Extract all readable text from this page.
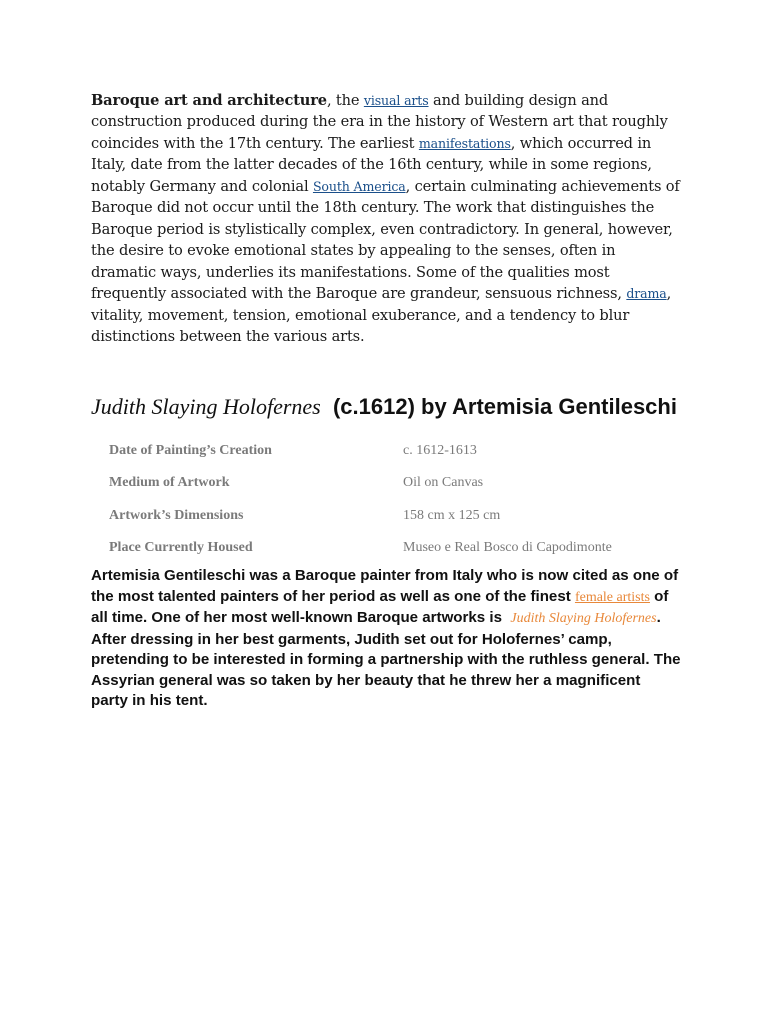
Baroque art and architecture, the visual arts and building design and construction produced during the era in the history of Western art that roughly coincides with the 17th century. The earliest manifestations, which occurred in Italy, date from the latter decades of the 16th century, while in some regions, notably Germany and colonial South America, certain culminating achievements of Baroque did not occur until the 18th century. The work that distinguishes the Baroque period is stylistically complex, even contradictory. In general, however, the desire to evoke emotional states by appealing to the senses, often in dramatic ways, underlies its manifestations. Some of the qualities most frequently associated with the Baroque are grandeur, sensuous richness, drama, vitality, movement, tension, emotional exuberance, and a tendency to blur distinctions between the various arts.

Judith Slaying Holofernes  (c.1612) by Artemisia Gentileschi
Date of Painting’s Creation	c. 1612-1613
Medium of Artwork	Oil on Canvas
Artwork’s Dimensions	158 cm x 125 cm
Place Currently Housed	Museo e Real Bosco di Capodimonte

Artemisia Gentileschi was a Baroque painter from Italy who is now cited as one of the most talented painters of her period as well as one of the finest female artists of all time. One of her most well-known Baroque artworks is  Judith Slaying Holofernes. After dressing in her best garments, Judith set out for Holofernes’ camp, pretending to be interested in forming a partnership with the ruthless general. The Assyrian general was so taken by her beauty that he threw her a magnificent party in his tent.
